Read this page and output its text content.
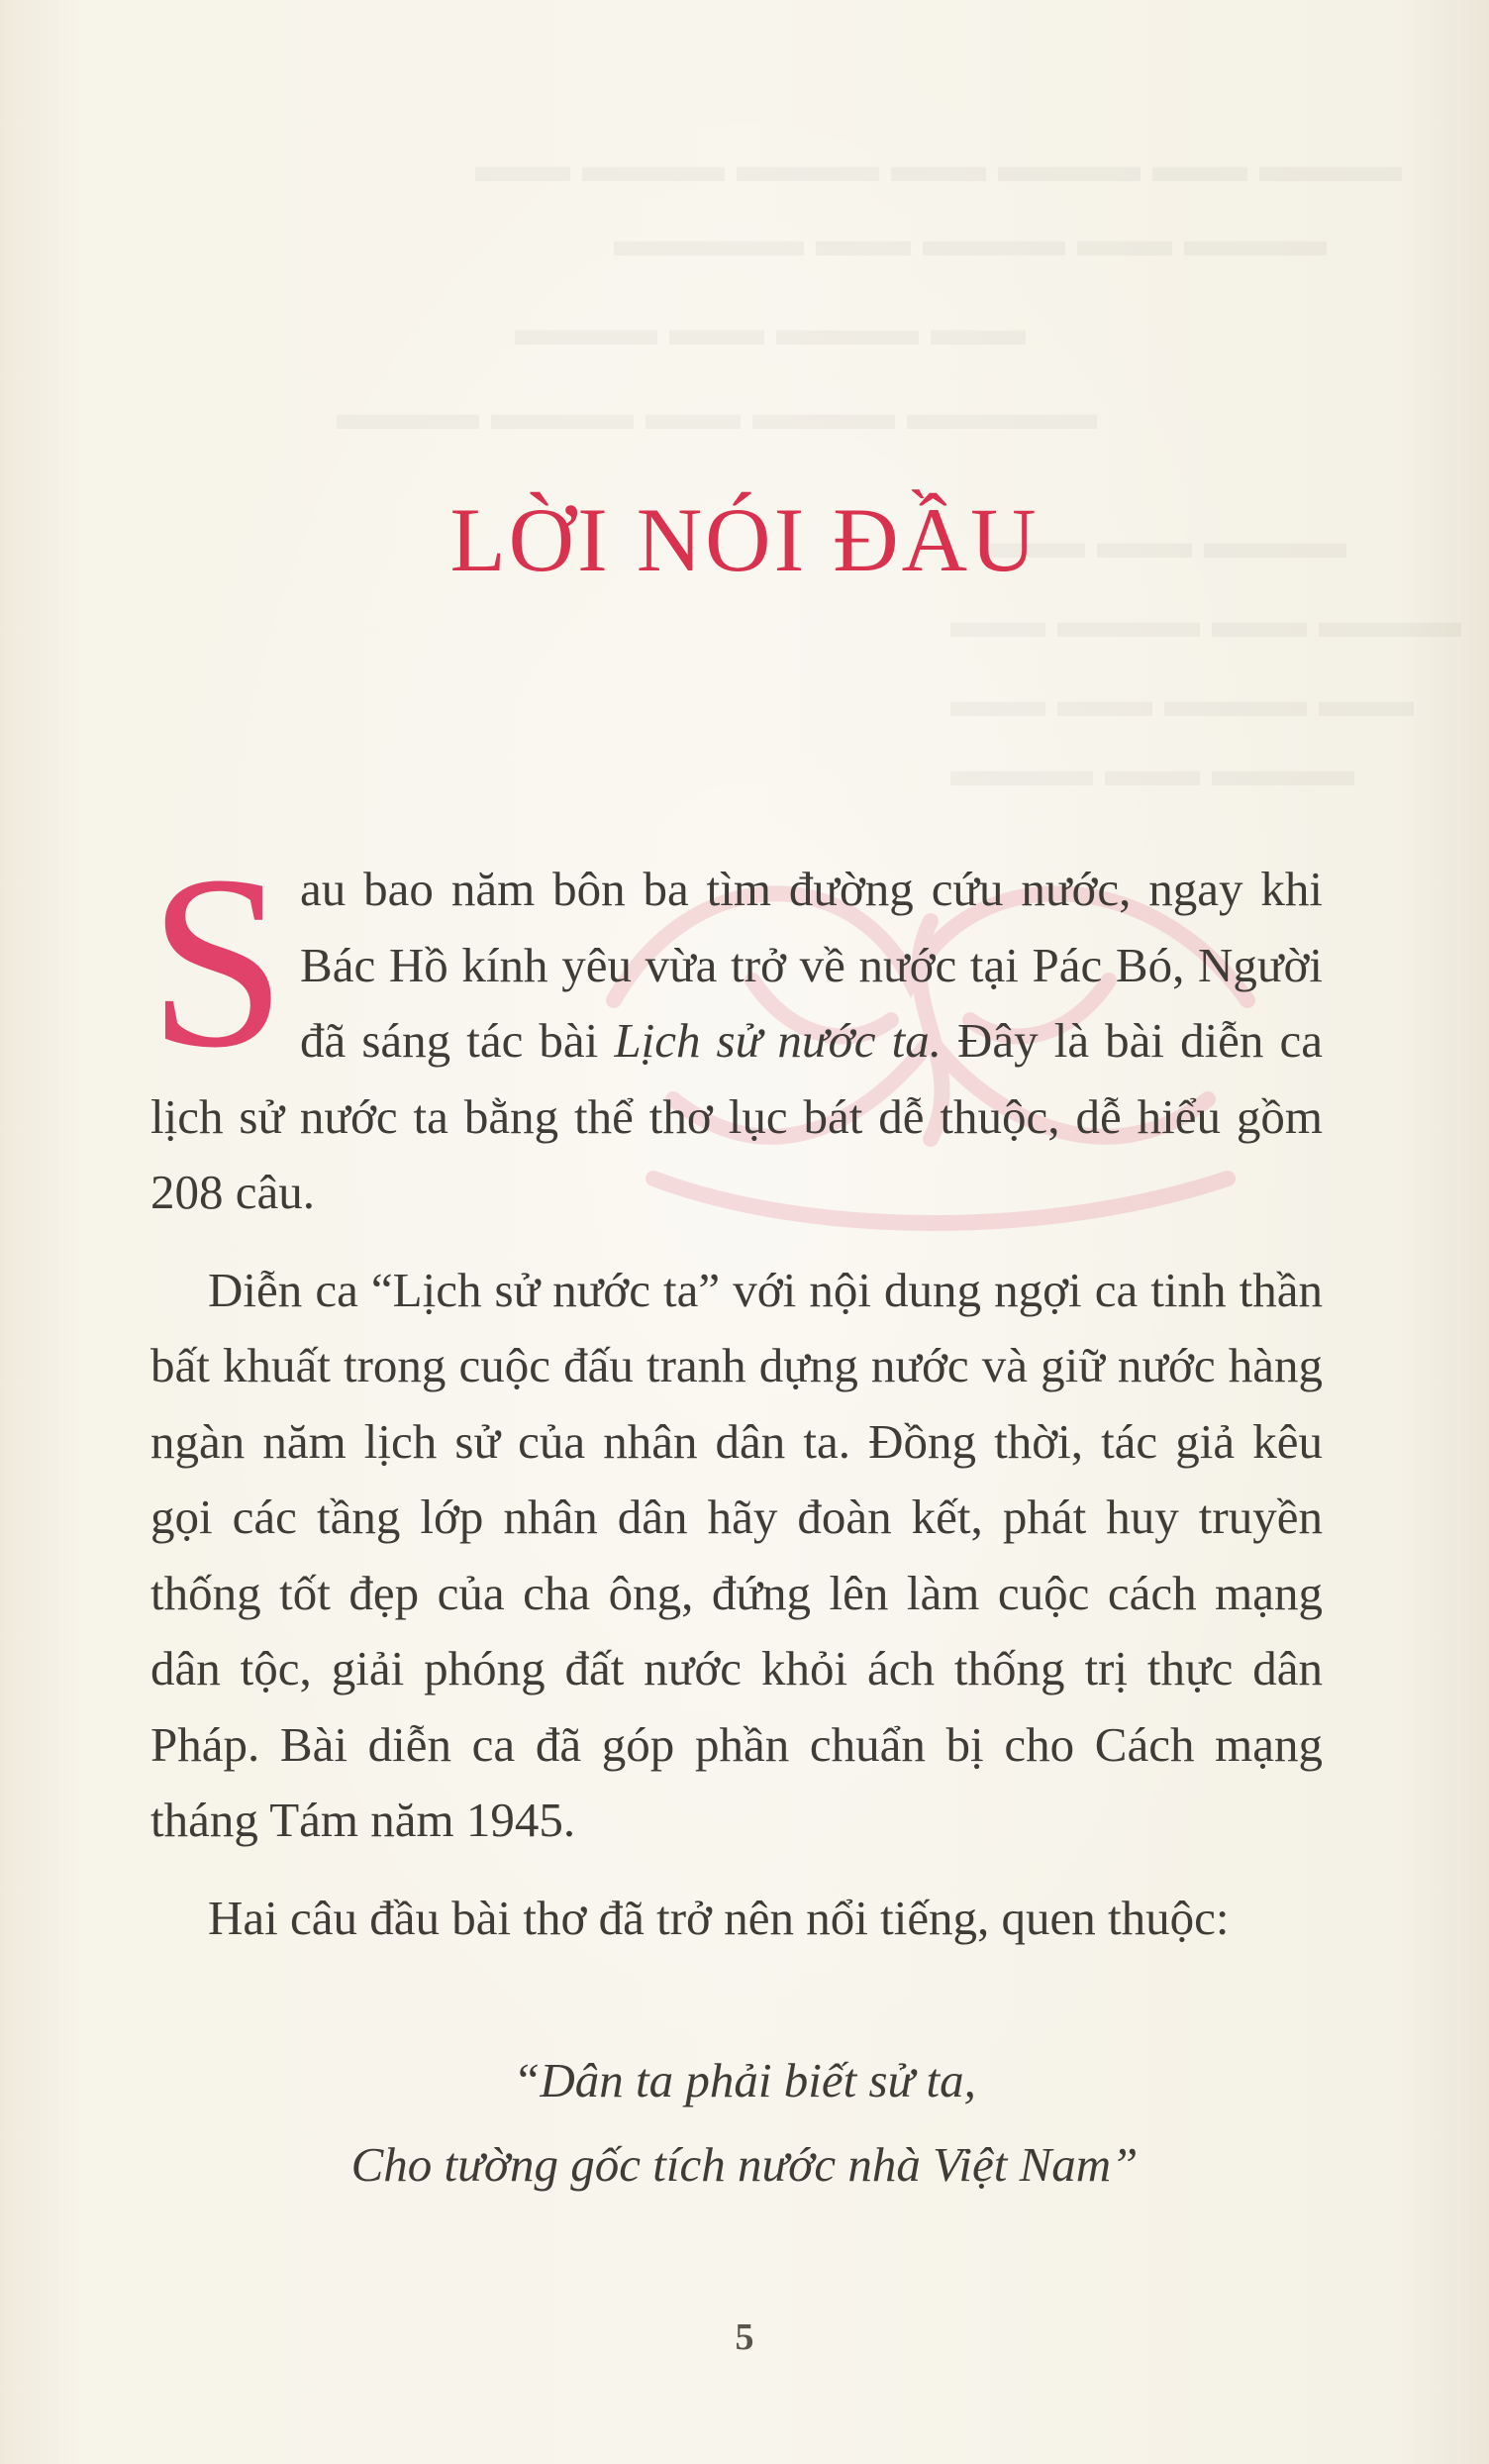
▬▬▬ ▬▬ ▬▬▬ ▬▬ ▬▬▬ ▬▬▬ ▬▬
▬▬▬ ▬▬ ▬▬▬ ▬▬ ▬▬▬▬
▬▬ ▬▬▬ ▬▬ ▬▬▬
▬▬▬▬ ▬▬▬ ▬▬ ▬▬▬ ▬▬▬
▬▬▬ ▬▬ ▬▬
▬▬▬ ▬▬ ▬▬▬ ▬▬
▬▬ ▬▬▬ ▬▬ ▬▬
▬▬▬ ▬▬ ▬▬▬
LỜI NÓI ĐẦU

Sau bao năm bôn ba tìm đường cứu nước, ngay khi Bác Hồ kính yêu vừa trở về nước tại Pác Bó, Người đã sáng tác bài Lịch sử nước ta. Đây là bài diễn ca lịch sử nước ta bằng thể thơ lục bát dễ thuộc, dễ hiểu gồm 208 câu.

Diễn ca “Lịch sử nước ta” với nội dung ngợi ca tinh thần bất khuất trong cuộc đấu tranh dựng nước và giữ nước hàng ngàn năm lịch sử của nhân dân ta. Đồng thời, tác giả kêu gọi các tầng lớp nhân dân hãy đoàn kết, phát huy truyền thống tốt đẹp của cha ông, đứng lên làm cuộc cách mạng dân tộc, giải phóng đất nước khỏi ách thống trị thực dân Pháp. Bài diễn ca đã góp phần chuẩn bị cho Cách mạng tháng Tám năm 1945.

Hai câu đầu bài thơ đã trở nên nổi tiếng, quen thuộc:

“Dân ta phải biết sử ta,

Cho tường gốc tích nước nhà Việt Nam”

5
